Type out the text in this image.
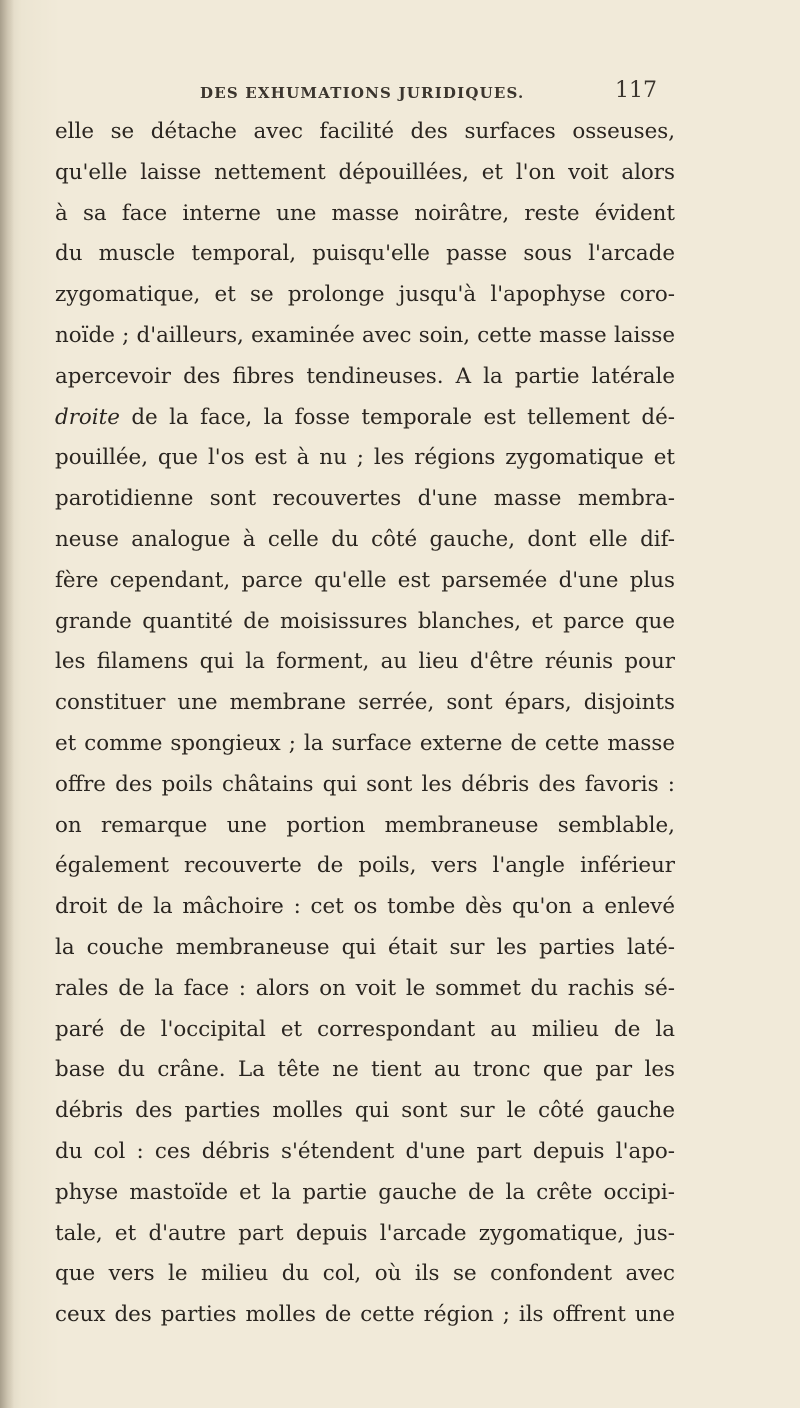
DES EXHUMATIONS JURIDIQUES.	117
elle se détache avec facilité des surfaces osseuses,
qu'elle laisse nettement dépouillées, et l'on voit alors
à sa face interne une masse noirâtre, reste évident
du muscle temporal, puisqu'elle passe sous l'arcade
zygomatique, et se prolonge jusqu'à l'apophyse coro-
noïde ; d'ailleurs, examinée avec soin, cette masse laisse
apercevoir des fibres tendineuses. A la partie latérale
droite de la face, la fosse temporale est tellement dé-
pouillée, que l'os est à nu ; les régions zygomatique et
parotidienne sont recouvertes d'une masse membra-
neuse analogue à celle du côté gauche, dont elle dif-
fère cependant, parce qu'elle est parsemée d'une plus
grande quantité de moisissures blanches, et parce que
les filamens qui la forment, au lieu d'être réunis pour
constituer une membrane serrée, sont épars, disjoints
et comme spongieux ; la surface externe de cette masse
offre des poils châtains qui sont les débris des favoris :
on remarque une portion membraneuse semblable,
également recouverte de poils, vers l'angle inférieur
droit de la mâchoire : cet os tombe dès qu'on a enlevé
la couche membraneuse qui était sur les parties laté-
rales de la face : alors on voit le sommet du rachis sé-
paré de l'occipital et correspondant au milieu de la
base du crâne. La tête ne tient au tronc que par les
débris des parties molles qui sont sur le côté gauche
du col : ces débris s'étendent d'une part depuis l'apo-
physe mastoïde et la partie gauche de la crête occipi-
tale, et d'autre part depuis l'arcade zygomatique, jus-
que vers le milieu du col, où ils se confondent avec
ceux des parties molles de cette région ; ils offrent une
